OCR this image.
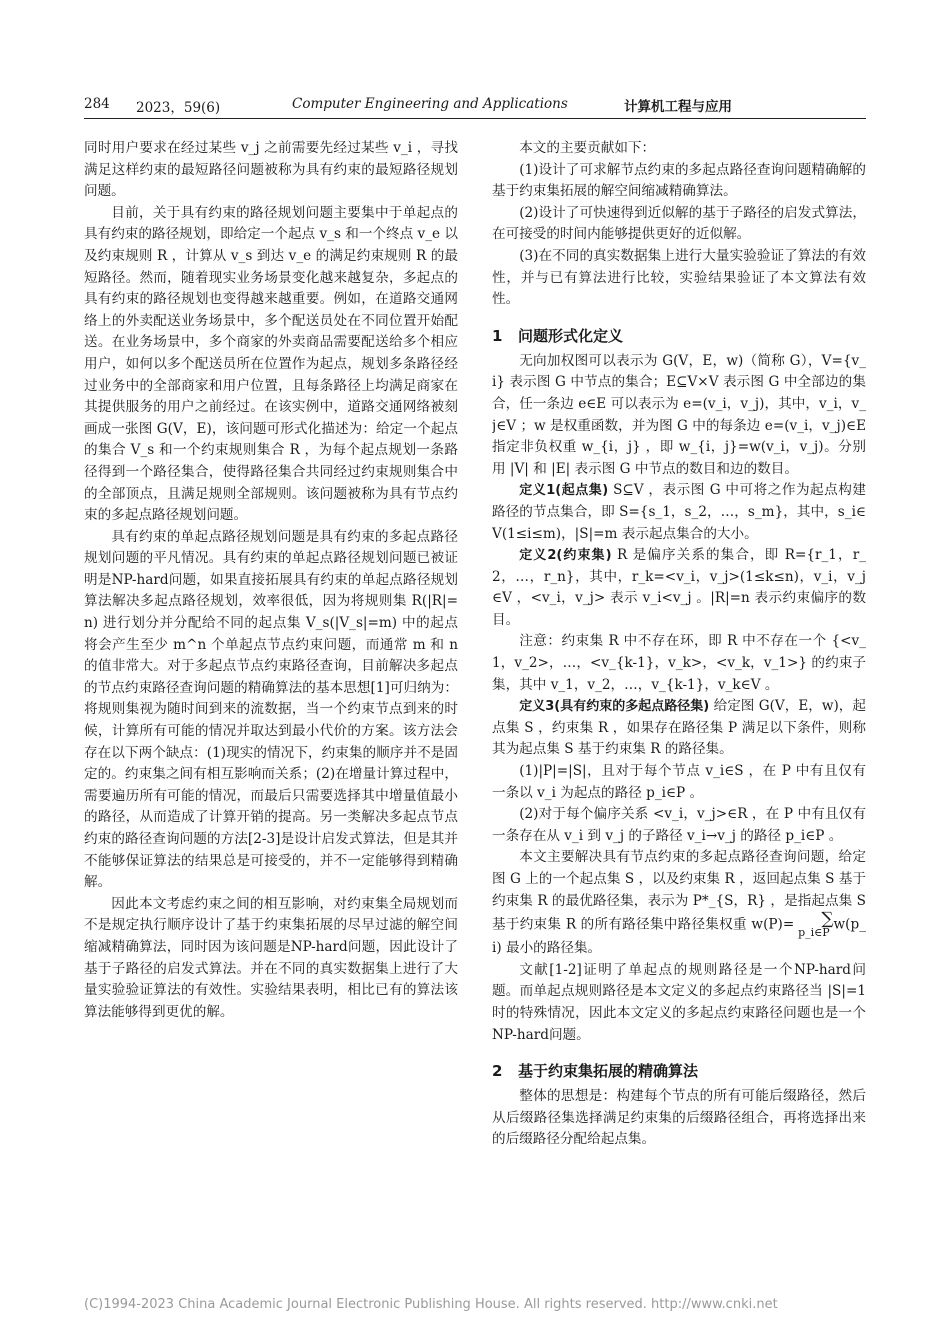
284 2023，59(6)	Computer Engineering and Applications	计算机工程与应用

同时用户要求在经过某些 v_j 之前需要先经过某些 v_i ，寻找满足这样约束的最短路径问题被称为具有约束的最短路径规划问题。

目前，关于具有约束的路径规划问题主要集中于单起点的具有约束的路径规划，即给定一个起点 v_s 和一个终点 v_e 以及约束规则 R ，计算从 v_s 到达 v_e 的满足约束规则 R 的最短路径。然而，随着现实业务场景变化越来越复杂，多起点的具有约束的路径规划也变得越来越重要。例如，在道路交通网络上的外卖配送业务场景中，多个配送员处在不同位置开始配送。在业务场景中，多个商家的外卖商品需要配送给多个相应用户，如何以多个配送员所在位置作为起点，规划多条路径经过业务中的全部商家和用户位置，且每条路径上均满足商家在其提供服务的用户之前经过。在该实例中，道路交通网络被刻画成一张图 G(V，E)，该问题可形式化描述为：给定一个起点的集合 V_s 和一个约束规则集合 R ，为每个起点规划一条路径得到一个路径集合，使得路径集合共同经过约束规则集合中的全部顶点，且满足规则全部规则。该问题被称为具有节点约束的多起点路径规划问题。

具有约束的单起点路径规划问题是具有约束的多起点路径规划问题的平凡情况。具有约束的单起点路径规划问题已被证明是NP-hard问题，如果直接拓展具有约束的单起点路径规划算法解决多起点路径规划，效率很低，因为将规则集 R(|R|=n) 进行划分并分配给不同的起点集 V_s(|V_s|=m) 中的起点将会产生至少 m^n 个单起点节点约束问题，而通常 m 和 n 的值非常大。对于多起点节点约束路径查询，目前解决多起点的节点约束路径查询问题的精确算法的基本思想[1]可归纳为：将规则集视为随时间到来的流数据，当一个约束节点到来的时候，计算所有可能的情况并取达到最小代价的方案。该方法会存在以下两个缺点：(1)现实的情况下，约束集的顺序并不是固定的。约束集之间有相互影响而关系；(2)在增量计算过程中，需要遍历所有可能的情况，而最后只需要选择其中增量值最小的路径，从而造成了计算开销的提高。另一类解决多起点节点约束的路径查询问题的方法[2-3]是设计启发式算法，但是其并不能够保证算法的结果总是可接受的，并不一定能够得到精确解。

因此本文考虑约束之间的相互影响，对约束集全局规划而不是规定执行顺序设计了基于约束集拓展的尽早过滤的解空间缩减精确算法，同时因为该问题是NP-hard问题，因此设计了基于子路径的启发式算法。并在不同的真实数据集上进行了大量实验验证算法的有效性。实验结果表明，相比已有的算法该算法能够得到更优的解。

本文的主要贡献如下：

(1)设计了可求解节点约束的多起点路径查询问题精确解的基于约束集拓展的解空间缩减精确算法。

(2)设计了可快速得到近似解的基于子路径的启发式算法，在可接受的时间内能够提供更好的近似解。

(3)在不同的真实数据集上进行大量实验验证了算法的有效性，并与已有算法进行比较，实验结果验证了本文算法有效性。

1 问题形式化定义

无向加权图可以表示为 G(V，E，w)（简称 G），V={v_i} 表示图 G 中节点的集合；E⊆V×V 表示图 G 中全部边的集合，任一条边 e∈E 可以表示为 e=(v_i，v_j)，其中，v_i，v_j∈V ；w 是权重函数，并为图 G 中的每条边 e=(v_i，v_j)∈E 指定非负权重 w_{i，j} ，即 w_{i，j}=w(v_i，v_j)。分别用 |V| 和 |E| 表示图 G 中节点的数目和边的数目。

定义1(起点集) S⊆V ，表示图 G 中可将之作为起点构建路径的节点集合，即 S={s_1，s_2，…，s_m}，其中，s_i∈V(1≤i≤m)，|S|=m 表示起点集合的大小。

定义2(约束集) R 是偏序关系的集合，即 R={r_1，r_2，…，r_n}，其中，r_k=<v_i，v_j>(1≤k≤n)，v_i，v_j∈V ，<v_i，v_j> 表示 v_i<v_j 。|R|=n 表示约束偏序的数目。

注意：约束集 R 中不存在环，即 R 中不存在一个 {<v_1，v_2>，…，<v_{k-1}，v_k>，<v_k，v_1>} 的约束子集，其中 v_1，v_2，…，v_{k-1}，v_k∈V 。

定义3(具有约束的多起点路径集) 给定图 G(V，E，w)，起点集 S ，约束集 R ，如果存在路径集 P 满足以下条件，则称其为起点集 S 基于约束集 R 的路径集。

(1)|P|=|S|，且对于每个节点 v_i∈S ，在 P 中有且仅有一条以 v_i 为起点的路径 p_i∈P 。

(2)对于每个偏序关系 <v_i，v_j>∈R ，在 P 中有且仅有一条存在从 v_i 到 v_j 的子路径 v_i→v_j 的路径 p_i∈P 。

本文主要解决具有节点约束的多起点路径查询问题，给定图 G 上的一个起点集 S ，以及约束集 R ，返回起点集 S 基于约束集 R 的最优路径集，表示为 P*_{S，R} ，是指起点集 S 基于约束集 R 的所有路径集中路径集权重 w(P)=	∑
p_i∈P w(p_i) 最小的路径集。

文献[1-2]证明了单起点的规则路径是一个NP-hard问题。而单起点规则路径是本文定义的多起点约束路径当 |S|=1 时的特殊情况，因此本文定义的多起点约束路径问题也是一个NP-hard问题。

2 基于约束集拓展的精确算法

整体的思想是：构建每个节点的所有可能后缀路径，然后从后缀路径集选择满足约束集的后缀路径组合，再将选择出来的后缀路径分配给起点集。

(C)1994-2023 China Academic Journal Electronic Publishing House. All rights reserved. http://www.cnki.net
